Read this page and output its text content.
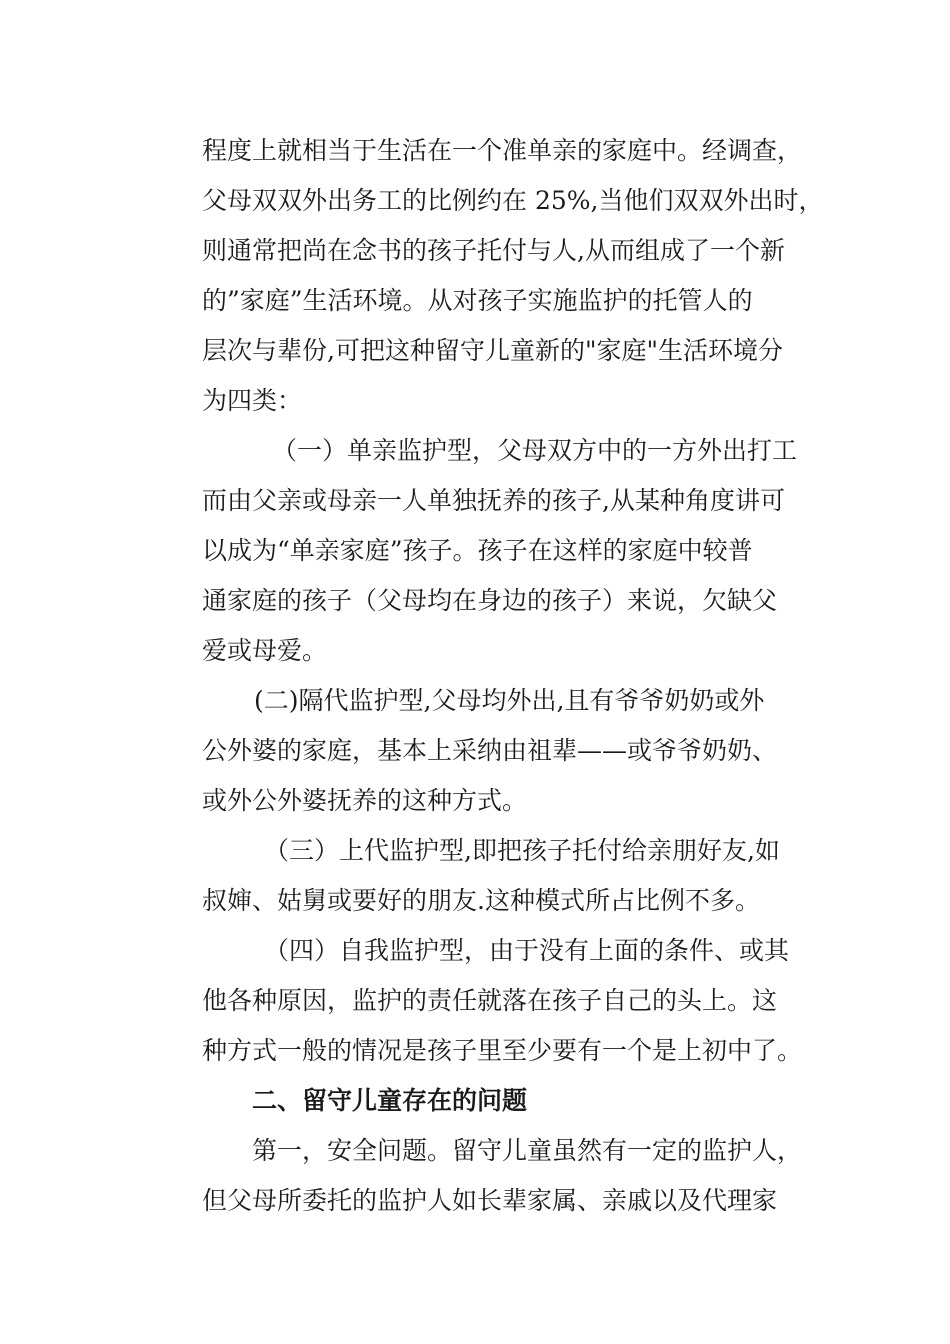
程度上就相当于生活在一个准单亲的家庭中。经调查，
父母双双外出务工的比例约在 25%,当他们双双外出时，
则通常把尚在念书的孩子托付与人,从而组成了一个新
的”家庭”生活环境。从对孩子实施监护的托管人的
层次与辈份,可把这种留守儿童新的"家庭"生活环境分
为四类：
（一）单亲监护型，父母双方中的一方外出打工
而由父亲或母亲一人单独抚养的孩子,从某种角度讲可
以成为“单亲家庭”孩子。孩子在这样的家庭中较普
通家庭的孩子（父母均在身边的孩子）来说，欠缺父
爱或母爱。
(二)隔代监护型,父母均外出,且有爷爷奶奶或外
公外婆的家庭，基本上采纳由祖辈——或爷爷奶奶、
或外公外婆抚养的这种方式。
（三）上代监护型,即把孩子托付给亲朋好友,如
叔婶、姑舅或要好的朋友.这种模式所占比例不多。
（四）自我监护型，由于没有上面的条件、或其
他各种原因，监护的责任就落在孩子自己的头上。这
种方式一般的情况是孩子里至少要有一个是上初中了。
二、留守儿童存在的问题
第一，安全问题。留守儿童虽然有一定的监护人，
但父母所委托的监护人如长辈家属、亲戚以及代理家
